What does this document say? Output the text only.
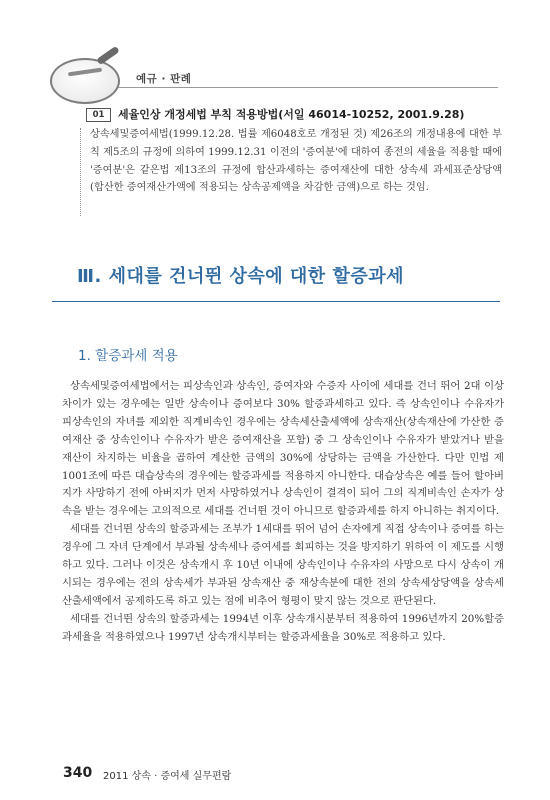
예규 · 판례
01	세율인상 개정세법 부칙 적용방법(서일 46014-10252, 2001.9.28)

상속세및증여세법(1999.12.28. 법률 제6048호로 개정된 것) 제26조의 개정내용에 대한 부칙 제5조의 규정에 의하여 1999.12.31 이전의 '증여분'에 대하여 종전의 세율을 적용할 때에 '증여분'은 같은법 제13조의 규정에 합산과세하는 증여재산에 대한 상속세 과세표준상당액(합산한 증여재산가액에 적용되는 상속공제액을 차감한 금액)으로 하는 것임.

Ⅲ. 세대를 건너뛴 상속에 대한 할증과세
1. 할증과세 적용

상속세및증여세법에서는 피상속인과 상속인, 증여자와 수증자 사이에 세대를 건너 뛰어 2대 이상 차이가 있는 경우에는 일반 상속이나 증여보다 30% 할증과세하고 있다. 즉 상속인이나 수유자가 피상속인의 자녀를 제외한 직계비속인 경우에는 상속세산출세액에 상속재산(상속재산에 가산한 증여재산 중 상속인이나 수유자가 받은 증여재산을 포함) 중 그 상속인이나 수유자가 받았거나 받을 재산이 차지하는 비율을 곱하여 계산한 금액의 30%에 상당하는 금액을 가산한다. 다만 민법 제1001조에 따른 대습상속의 경우에는 할증과세를 적용하지 아니한다. 대습상속은 예를 들어 할아버지가 사망하기 전에 아버지가 먼저 사망하였거나 상속인이 결격이 되어 그의 직계비속인 손자가 상속을 받는 경우에는 고의적으로 세대를 건너뛴 것이 아니므로 할증과세를 하지 아니하는 취지이다.

세대를 건너뛴 상속의 할증과세는 조부가 1세대를 뛰어 넘어 손자에게 직접 상속이나 증여를 하는 경우에 그 자녀 단계에서 부과될 상속세나 증여세를 회피하는 것을 방지하기 위하여 이 제도를 시행하고 있다. 그러나 이것은 상속개시 후 10년 이내에 상속인이나 수유자의 사망으로 다시 상속이 개시되는 경우에는 전의 상속세가 부과된 상속재산 중 재상속분에 대한 전의 상속세상당액을 상속세산출세액에서 공제하도록 하고 있는 점에 비추어 형평이 맞지 않는 것으로 판단된다.

세대를 건너뛴 상속의 할증과세는 1994년 이후 상속개시분부터 적용하여 1996년까지 20%할증과세율을 적용하였으나 1997년 상속개시부터는 할증과세율을 30%로 적용하고 있다.

340 2011 상속 · 증여세 실무편람
